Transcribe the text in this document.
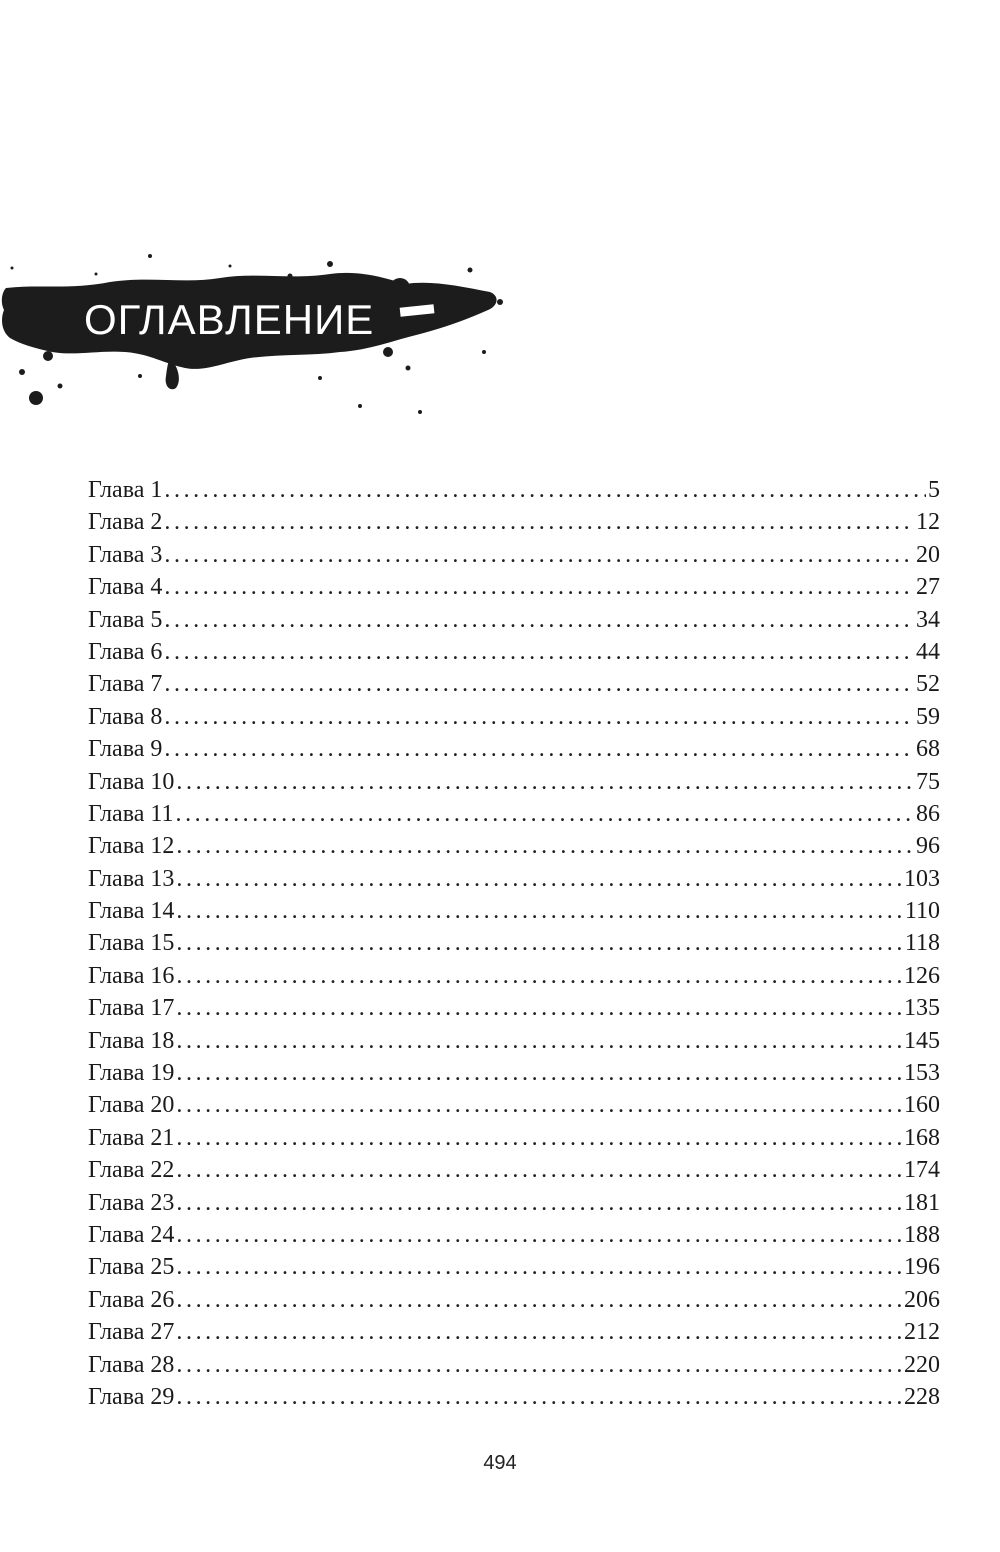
ОГЛАВЛЕНИЕ
Глава 1 .....	5
Глава 2 .....	12
Глава 3 .....	20
Глава 4 .....	27
Глава 5 .....	34
Глава 6 .....	44
Глава 7 .....	52
Глава 8 .....	59
Глава 9 .....	68
Глава 10 .....	75
Глава 11 .....	86
Глава 12 .....	96
Глава 13 .....	103
Глава 14 .....	110
Глава 15 .....	118
Глава 16 .....	126
Глава 17 .....	135
Глава 18 .....	145
Глава 19 .....	153
Глава 20 .....	160
Глава 21 .....	168
Глава 22 .....	174
Глава 23 .....	181
Глава 24 .....	188
Глава 25 .....	196
Глава 26 .....	206
Глава 27 .....	212
Глава 28 .....	220
Глава 29 .....	228
494
